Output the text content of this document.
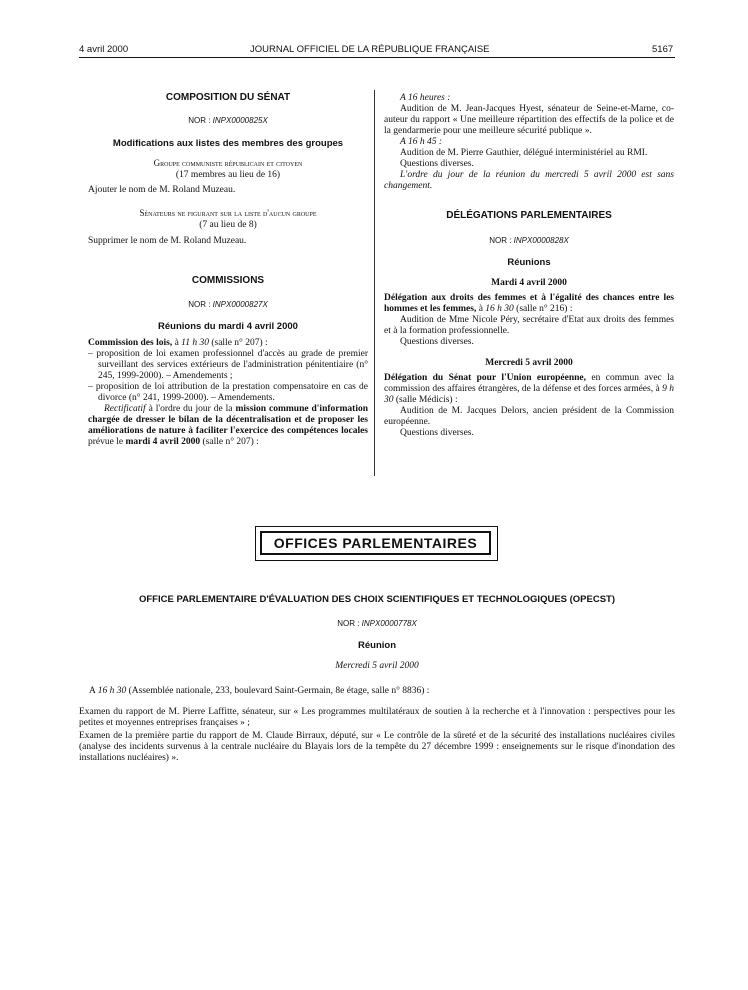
4 avril 2000	JOURNAL OFFICIEL DE LA RÉPUBLIQUE FRANÇAISE	5167
COMPOSITION DU SÉNAT
NOR : INPX0000825X
Modifications aux listes des membres des groupes
Groupe communiste républicain et citoyen
(17 membres au lieu de 16)

Ajouter le nom de M. Roland Muzeau.

Sénateurs ne figurant sur la liste d'aucun groupe
(7 au lieu de 8)

Supprimer le nom de M. Roland Muzeau.

COMMISSIONS
NOR : INPX0000827X
Réunions du mardi 4 avril 2000

Commission des lois, à 11 h 30 (salle n° 207) :

– proposition de loi examen professionnel d'accès au grade de premier surveillant des services extérieurs de l'administration pénitentiaire (n° 245, 1999-2000). – Amendements ;

– proposition de loi attribution de la prestation compensatoire en cas de divorce (n° 241, 1999-2000). – Amendements.

Rectificatif à l'ordre du jour de la mission commune d'information chargée de dresser le bilan de la décentralisation et de proposer les améliorations de nature à faciliter l'exercice des compétences locales prévue le mardi 4 avril 2000 (salle n° 207) :

A 16 heures :

Audition de M. Jean-Jacques Hyest, sénateur de Seine-et-Marne, co-auteur du rapport « Une meilleure répartition des effectifs de la police et de la gendarmerie pour une meilleure sécurité publique ».

A 16 h 45 :

Audition de M. Pierre Gauthier, délégué interministériel au RMI.

Questions diverses.

L'ordre du jour de la réunion du mercredi 5 avril 2000 est sans changement.

DÉLÉGATIONS PARLEMENTAIRES
NOR : INPX0000828X
Réunions
Mardi 4 avril 2000

Délégation aux droits des femmes et à l'égalité des chances entre les hommes et les femmes, à 16 h 30 (salle n° 216) :

Audition de Mme Nicole Péry, secrétaire d'Etat aux droits des femmes et à la formation professionnelle.

Questions diverses.

Mercredi 5 avril 2000

Délégation du Sénat pour l'Union européenne, en commun avec la commission des affaires étrangères, de la défense et des forces armées, à 9 h 30 (salle Médicis) :

Audition de M. Jacques Delors, ancien président de la Commission européenne.

Questions diverses.

OFFICES PARLEMENTAIRES
OFFICE PARLEMENTAIRE D'ÉVALUATION DES CHOIX SCIENTIFIQUES ET TECHNOLOGIQUES (OPECST)
NOR : INPX0000778X
Réunion
Mercredi 5 avril 2000

A 16 h 30 (Assemblée nationale, 233, boulevard Saint-Germain, 8e étage, salle n° 8836) :

Examen du rapport de M. Pierre Laffitte, sénateur, sur « Les programmes multilatéraux de soutien à la recherche et à l'innovation : perspectives pour les petites et moyennes entreprises françaises » ;

Examen de la première partie du rapport de M. Claude Birraux, député, sur « Le contrôle de la sûreté et de la sécurité des installations nucléaires civiles (analyse des incidents survenus à la centrale nucléaire du Blayais lors de la tempête du 27 décembre 1999 : enseignements sur le risque d'inondation des installations nucléaires) ».
